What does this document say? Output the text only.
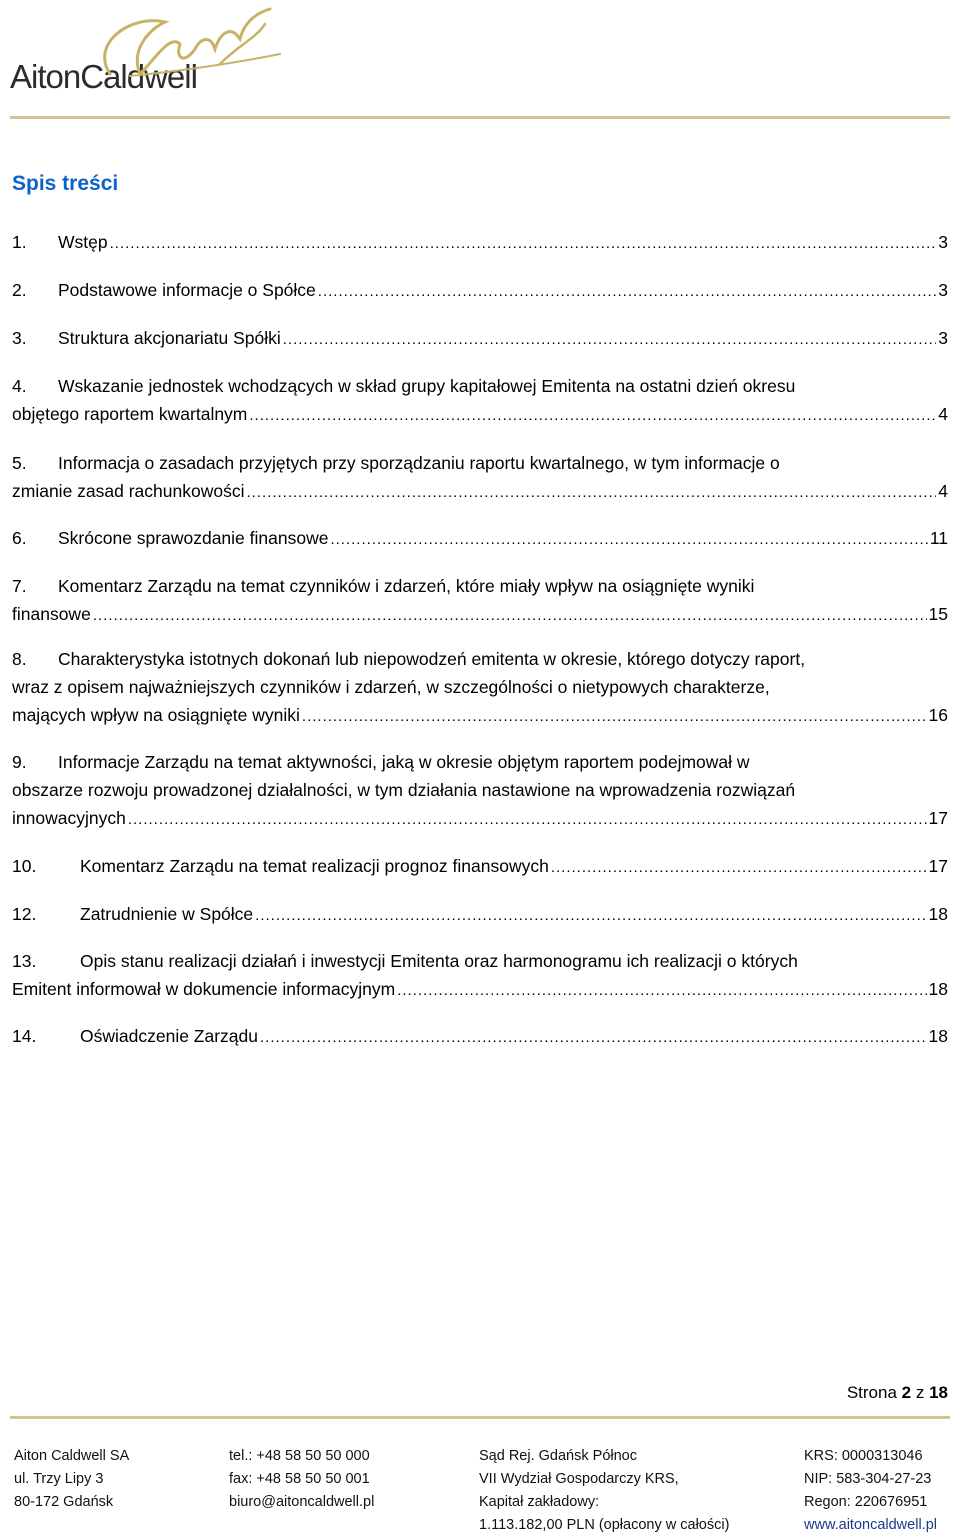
AitonCaldwell
Spis treści
1.	Wstęp .....	3
2.	Podstawowe informacje o Spółce .....	3
3.	Struktura akcjonariatu Spółki .....	3
4.	Wskazanie jednostek wchodzących w skład grupy kapitałowej Emitenta na ostatni dzień okresu
objętego raportem kwartalnym .....	4
5.	Informacja o zasadach przyjętych przy sporządzaniu raportu kwartalnego, w tym informacje o
zmianie zasad rachunkowości .....	4
6.	Skrócone sprawozdanie finansowe .....	11
7.	Komentarz Zarządu na temat czynników i zdarzeń, które miały wpływ na osiągnięte wyniki
finansowe .....	15
8.	Charakterystyka istotnych dokonań lub niepowodzeń emitenta w okresie, którego dotyczy raport,
wraz z opisem najważniejszych czynników i zdarzeń, w szczególności o nietypowych charakterze,
mających wpływ na osiągnięte wyniki .....	16
9.	Informacje Zarządu na temat aktywności, jaką w okresie objętym raportem podejmował w
obszarze rozwoju prowadzonej działalności, w tym działania nastawione na wprowadzenia rozwiązań
innowacyjnych .....	17
10.	Komentarz Zarządu na temat realizacji prognoz finansowych .....	17
12.	Zatrudnienie w Spółce .....	18
13.	Opis stanu realizacji działań i inwestycji Emitenta oraz harmonogramu ich realizacji o których
Emitent informował w dokumencie informacyjnym .....	18
14.	Oświadczenie Zarządu .....	18
Strona 2 z 18
Aiton Caldwell SA
ul. Trzy Lipy 3
80-172 Gdańsk
tel.: +48 58 50 50 000
fax: +48 58 50 50 001
biuro@aitoncaldwell.pl
Sąd Rej. Gdańsk Północ
VII Wydział Gospodarczy KRS,
Kapitał zakładowy:
1.113.182,00 PLN (opłacony w całości)
KRS: 0000313046
NIP: 583-304-27-23
Regon: 220676951
www.aitoncaldwell.pl
